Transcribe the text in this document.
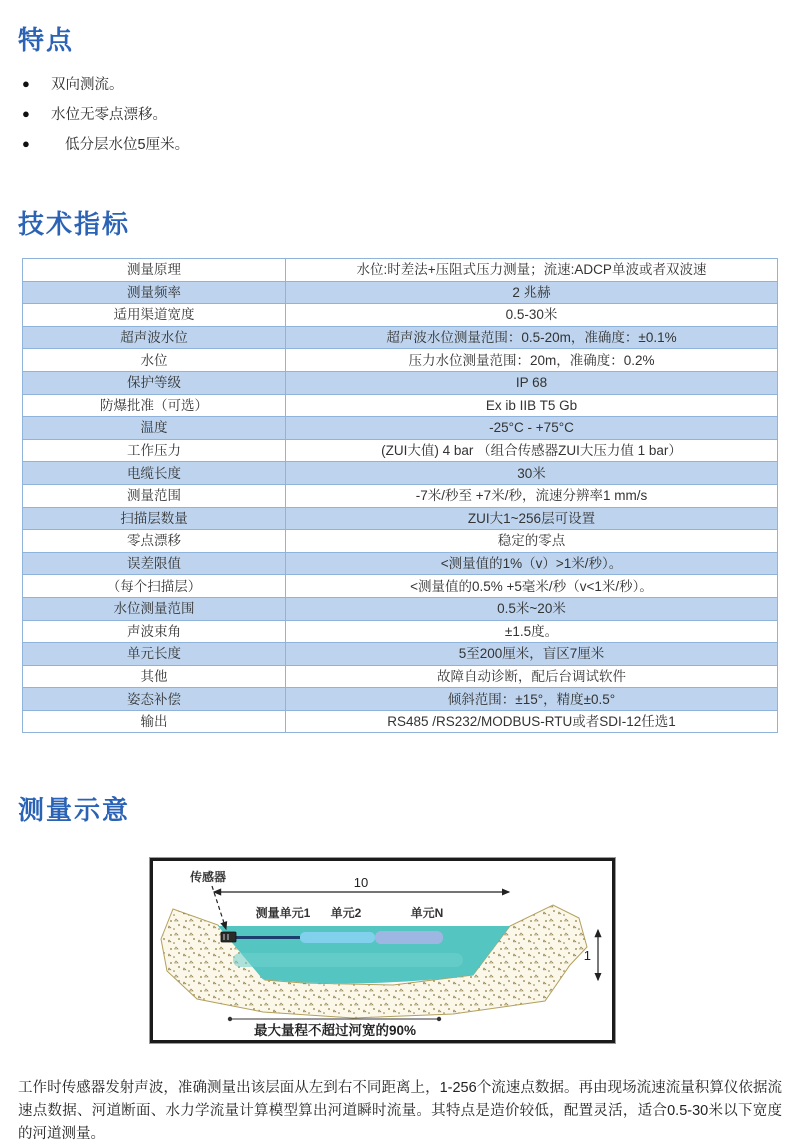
特点
●	双向测流。
●	水位无零点漂移。
●	低分层水位5厘米。
技术指标
测量原理	水位:时差法+压阻式压力测量；流速:ADCP单波或者双波速
测量频率	2 兆赫
适用渠道宽度	0.5-30米
超声波水位	超声波水位测量范围：0.5-20m，准确度：±0.1%
水位	压力水位测量范围：20m，准确度：0.2%
保护等级	IP 68
防爆批准（可选）	Ex ib IIB T5 Gb
温度	-25°C - +75°C
工作压力	(ZUI大值) 4 bar （组合传感器ZUI大压力值 1 bar）
电缆长度	30米
测量范围	-7米/秒至 +7米/秒，流速分辨率1 mm/s
扫描层数量	ZUI大1~256层可设置
零点漂移	稳定的零点
误差限值	<测量值的1%（v）>1米/秒）。
（每个扫描层）	<测量值的0.5% +5毫米/秒（v<1米/秒）。
水位测量范围	0.5米~20米
声波束角	±1.5度。
单元长度	5至200厘米，盲区7厘米
其他	故障自动诊断，配后台调试软件
姿态补偿	倾斜范围：±15°，精度±0.5°
输出	RS485 /RS232/MODBUS-RTU或者SDI-12任选1
测量示意
传感器	10
测量单元1 单元2	单元N
1
最大量程不超过河宽的90%

工作时传感器发射声波，准确测量出该层面从左到右不同距离上，1-256个流速点数据。再由现场流速流量积算仪依据流速点数据、河道断面、水力学流量计算模型算出河道瞬时流量。其特点是造价较低，配置灵活，适合0.5-30米以下宽度的河道测量。
